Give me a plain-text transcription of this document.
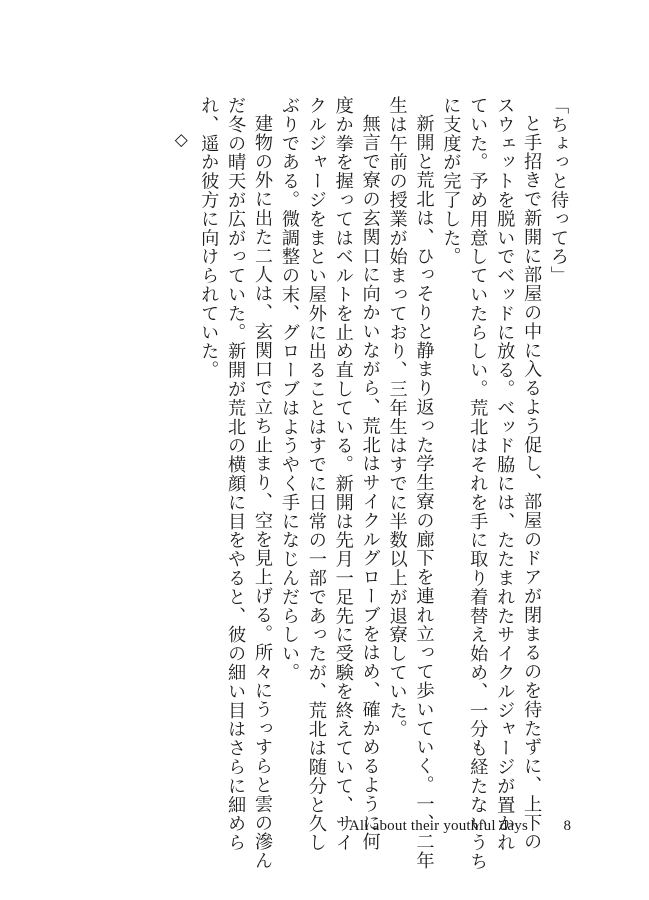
「ちょっと待ってろ」
と手招きで新開に部屋の中に入るよう促し、部屋のドアが閉まるのを待たずに、上下の
スウェットを脱いでベッドに放る。ベッド脇には、たたまれたサイクルジャージが置かれ
ていた。予め用意していたらしい。荒北はそれを手に取り着替え始め、一分も経たないうち
に支度が完了した。
新開と荒北は、ひっそりと静まり返った学生寮の廊下を連れ立って歩いていく。一、二年
生は午前の授業が始まっており、三年生はすでに半数以上が退寮していた。
無言で寮の玄関口に向かいながら、荒北はサイクルグローブをはめ、確かめるように何
度か拳を握ってはベルトを止め直している。新開は先月一足先に受験を終えていて、サイ
クルジャージをまとい屋外に出ることはすでに日常の一部であったが、荒北は随分と久し
ぶりである。微調整の末、グローブはようやく手になじんだらしい。
建物の外に出た二人は、玄関口で立ち止まり、空を見上げる。所々にうっすらと雲の滲ん
だ冬の晴天が広がっていた。新開が荒北の横顔に目をやると、彼の細い目はさらに細めら
れ、遥か彼方に向けられていた。
◇
All about their youthful days 8
